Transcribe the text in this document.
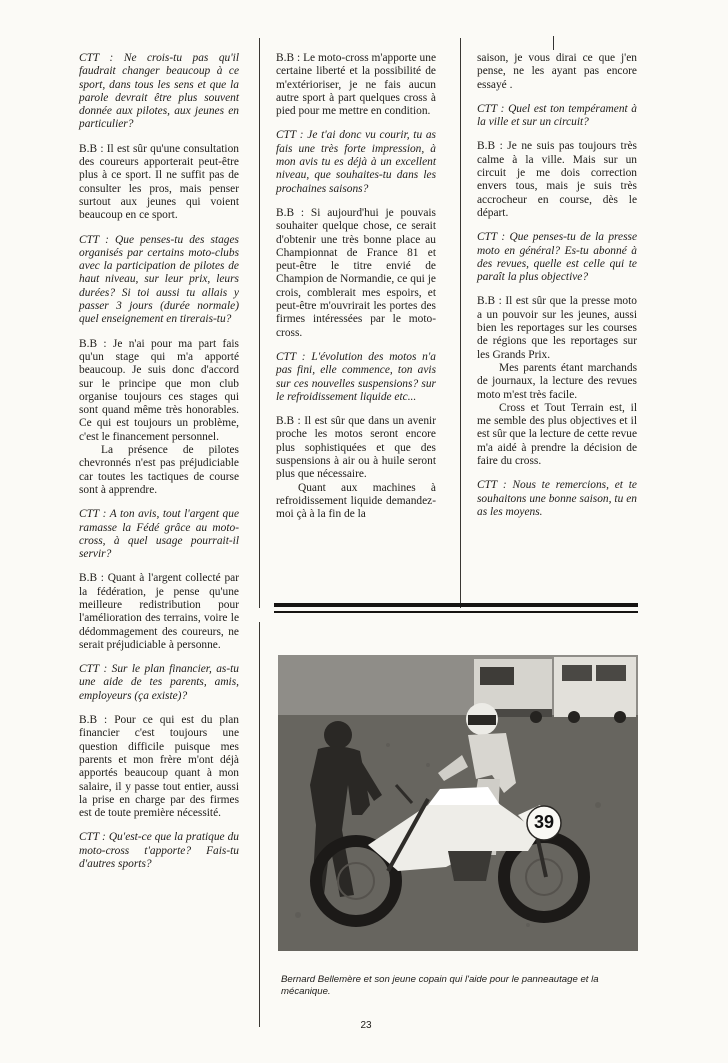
CTT : Ne crois-tu pas qu'il faudrait changer beaucoup à ce sport, dans tous les sens et que la parole devrait être plus souvent donnée aux pilotes, aux jeunes en particulier?

B.B : Il est sûr qu'une consultation des coureurs apporterait peut-être plus à ce sport. Il ne suffit pas de consulter les pros, mais penser surtout aux jeunes qui voient beaucoup en ce sport.

CTT : Que penses-tu des stages organisés par certains moto-clubs avec la participation de pilotes de haut niveau, sur leur prix, leurs durées? Si toi aussi tu allais y passer 3 jours (durée normale) quel enseignement en tirerais-tu?

B.B : Je n'ai pour ma part fais qu'un stage qui m'a apporté beaucoup. Je suis donc d'accord sur le principe que mon club organise toujours ces stages qui sont quand même très honorables. Ce qui est toujours un problème, c'est le financement personnel.

La présence de pilotes chevronnés n'est pas préjudiciable car toutes les tactiques de course sont à apprendre.

CTT : A ton avis, tout l'argent que ramasse la Fédé grâce au moto-cross, à quel usage pourrait-il servir?

B.B : Quant à l'argent collecté par la fédération, je pense qu'une meilleure redistribution pour l'amélioration des terrains, voire le dédommagement des coureurs, ne serait préjudiciable à personne.

CTT : Sur le plan financier, as-tu une aide de tes parents, amis, employeurs (ça existe)?

B.B : Pour ce qui est du plan financier c'est toujours une question difficile puisque mes parents et mon frère m'ont déjà apportés beaucoup quant à mon salaire, il y passe tout entier, aussi la prise en charge par des firmes est de toute première nécessité.

CTT : Qu'est-ce que la pratique du moto-cross t'apporte? Fais-tu d'autres sports?

B.B : Le moto-cross m'apporte une certaine liberté et la possibilité de m'extérioriser, je ne fais aucun autre sport à part quelques cross à pied pour me mettre en condition.

CTT : Je t'ai donc vu courir, tu as fais une très forte impression, à mon avis tu es déjà à un excellent niveau, que souhaites-tu dans les prochaines saisons?

B.B : Si aujourd'hui je pouvais souhaiter quelque chose, ce serait d'obtenir une très bonne place au Championnat de France 81 et peut-être le titre envié de Champion de Normandie, ce qui je crois, comblerait mes espoirs, et peut-être m'ouvrirait les portes des firmes intéressées par le moto-cross.

CTT : L'évolution des motos n'a pas fini, elle commence, ton avis sur ces nouvelles suspensions? sur le refroidissement liquide etc...

B.B : Il est sûr que dans un avenir proche les motos seront encore plus sophistiquées et que des suspensions à air ou à huile seront plus que nécessaire.

Quant aux machines à refroidissement liquide demandez-moi çà à la fin de la

saison, je vous dirai ce que j'en pense, ne les ayant pas encore essayé .

CTT : Quel est ton tempérament à la ville et sur un circuit?

B.B : Je ne suis pas toujours très calme à la ville. Mais sur un circuit je me dois correction envers tous, mais je suis très accrocheur en course, dès le départ.

CTT : Que penses-tu de la presse moto en général? Es-tu abonné à des revues, quelle est celle qui te paraît la plus objective?

B.B : Il est sûr que la presse moto a un pouvoir sur les jeunes, aussi bien les reportages sur les courses de régions que les reportages sur les Grands Prix.

Mes parents étant marchands de journaux, la lecture des revues moto m'est très facile.

Cross et Tout Terrain est, il me semble des plus objectives et il est sûr que la lecture de cette revue m'a aidé à prendre la décision de faire du cross.

CTT : Nous te remercions, et te souhaitons une bonne saison, tu en as les moyens.

39
Bernard Bellemère et son jeune copain qui l'aide pour le panneautage et la mécanique.
23
